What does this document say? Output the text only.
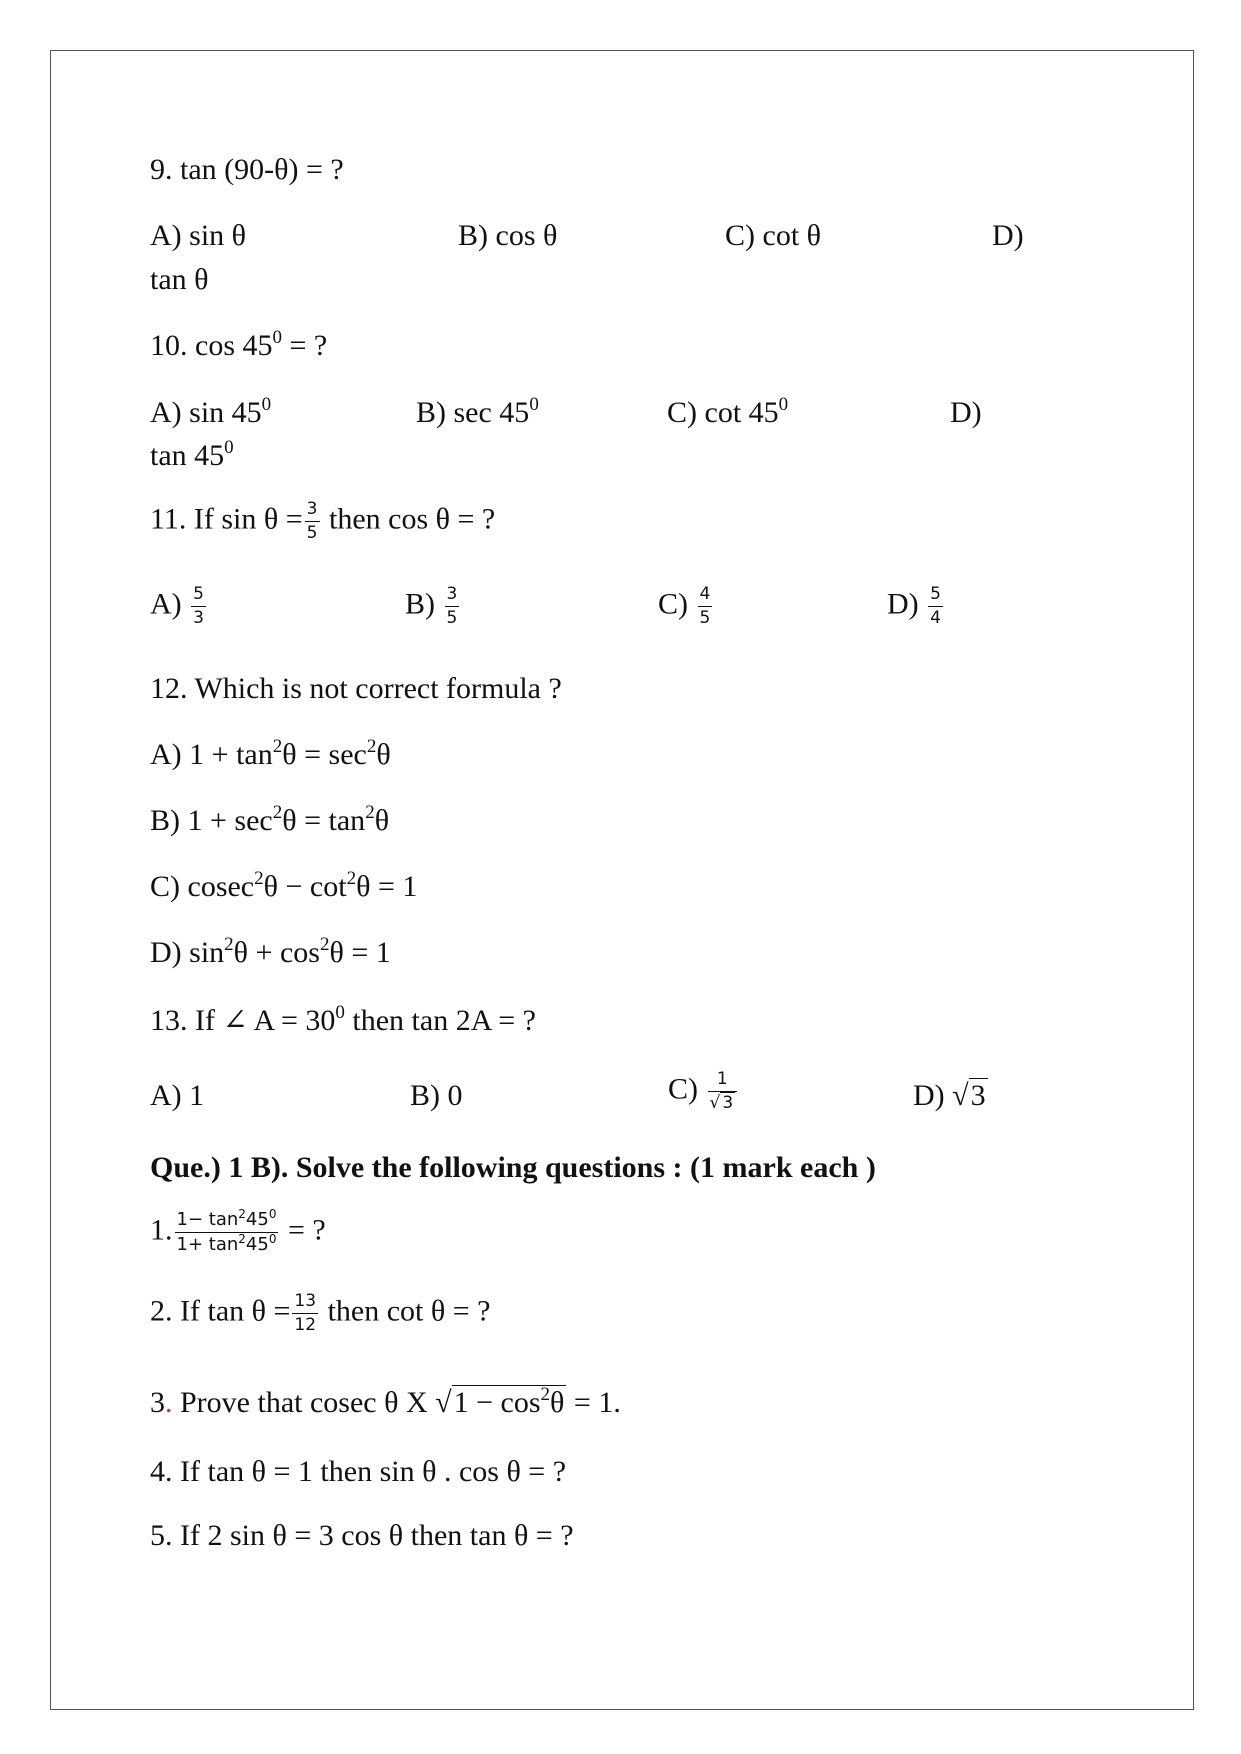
9. tan (90-θ) = ?
A) sin θ	B) cos θ	C) cot θ	D)
tan θ
10. $\cos 45^0$ = ?
A) $\sin 45^0$	B) $\sec 45^0$	C) $\cot 45^0$	D)
$\tan 45^0$
11. If $\sin \theta = \frac{3}{5}$ then cos θ = ?
$A) \frac{5}{3}$	$B) \frac{3}{5}$	$C) \frac{4}{5}$	$D) \frac{5}{4}$
12. Which is not correct formula ?
A) $1 + \tan^2\theta = \sec^2\theta$
B) $1 + \sec^2\theta = \tan^2\theta$
C) $cosec^2\theta - \cot^2\theta = 1$
D) $\sin^2\theta + \cos^2\theta = 1$
13. If ∠ $A = 30^0$ then tan 2A = ?
A) 1	B) 0	$C) \frac{1}{√ 3}$	D) √3
Que.) 1 B). Solve the following questions : (1 mark each )
1. $\frac{1- \tan^245^0}{1+ \tan^245^0}$ = ?
2. If $\tan \theta = \frac{13}{12}$ then cot θ = ?
3. Prove that cosec θ X $√1 - \cos^2\theta = 1$.
4. If tan θ = 1 then sin θ . cos θ = ?
5. If 2 sin θ = 3 cos θ then tan θ = ?
